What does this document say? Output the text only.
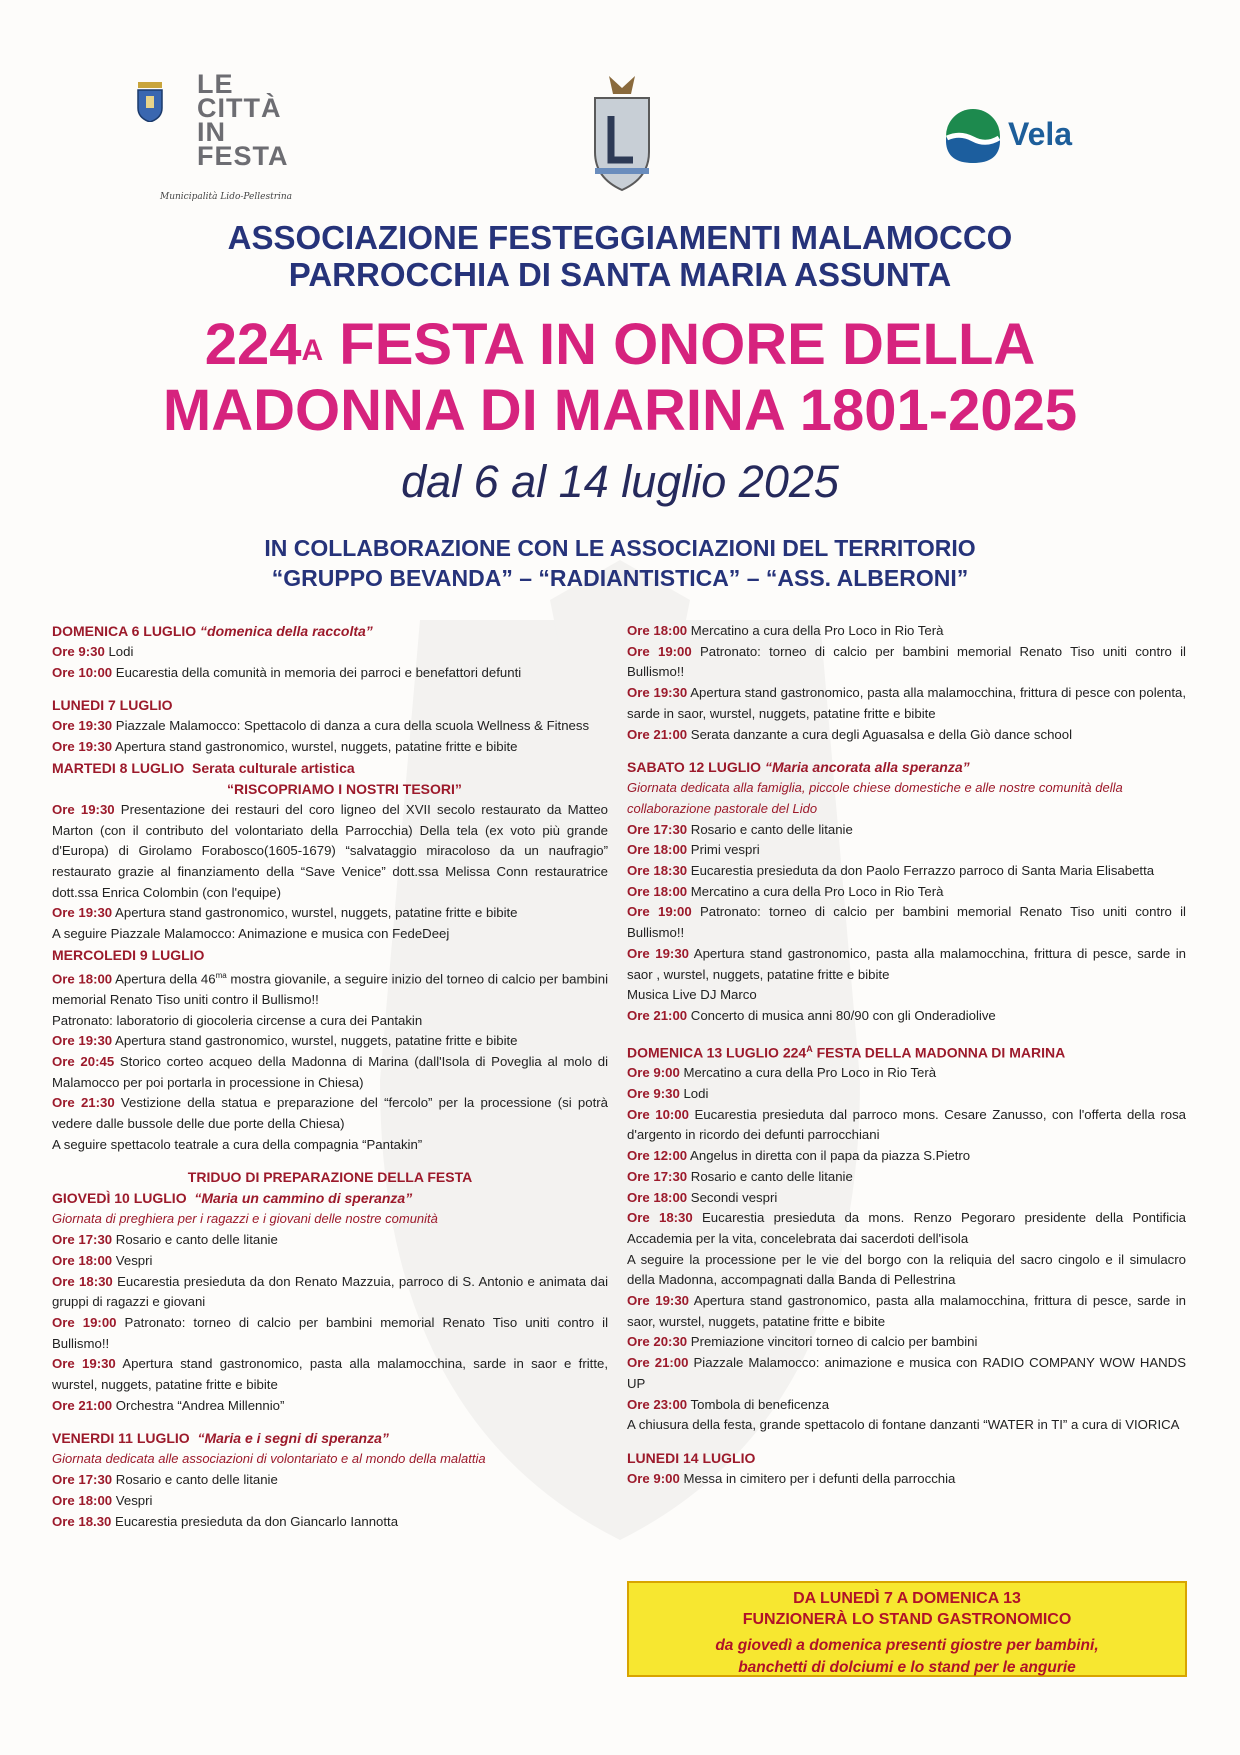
LE
CITTÀ
IN
FESTA
Municipalità Lido-Pellestrina
Vela
ASSOCIAZIONE FESTEGGIAMENTI MALAMOCCO
PARROCCHIA DI SANTA MARIA ASSUNTA
$224^A$ FESTA IN ONORE DELLA
MADONNA DI MARINA 1801-2025
dal 6 al 14 luglio 2025
IN COLLABORAZIONE CON LE ASSOCIAZIONI DEL TERRITORIO
“GRUPPO BEVANDA” – “RADIANTISTICA” – “ASS. ALBERONI”
DOMENICA 6 LUGLIO “domenica della raccolta”
Ore 9:30 Lodi
Ore 10:00 Eucarestia della comunità in memoria dei parroci e benefattori defunti
LUNEDI 7 LUGLIO
Ore 19:30 Piazzale Malamocco: Spettacolo di danza a cura della scuola Wellness & Fitness
Ore 19:30 Apertura stand gastronomico, wurstel, nuggets, patatine fritte e bibite
MARTEDI 8 LUGLIO Serata culturale artistica
“RISCOPRIAMO I NOSTRI TESORI”
Ore 19:30 Presentazione dei restauri del coro ligneo del XVII secolo restaurato da Matteo Marton (con il contributo del volontariato della Parrocchia) Della tela (ex voto più grande d'Europa) di Girolamo Forabosco(1605-1679) “salvataggio miracoloso da un naufragio” restaurato grazie al finanziamento della “Save Venice” dott.ssa Melissa Conn restauratrice dott.ssa Enrica Colombin (con l'equipe)
Ore 19:30 Apertura stand gastronomico, wurstel, nuggets, patatine fritte e bibite
A seguire Piazzale Malamocco: Animazione e musica con FedeDeej
MERCOLEDI 9 LUGLIO
Ore 18:00 Apertura della $46^{ma}$ mostra giovanile, a seguire inizio del torneo di calcio per bambini memorial Renato Tiso uniti contro il Bullismo!!
Patronato: laboratorio di giocoleria circense a cura dei Pantakin
Ore 19:30 Apertura stand gastronomico, wurstel, nuggets, patatine fritte e bibite
Ore 20:45 Storico corteo acqueo della Madonna di Marina (dall'Isola di Poveglia al molo di Malamocco per poi portarla in processione in Chiesa)
Ore 21:30 Vestizione della statua e preparazione del “fercolo” per la processione (si potrà vedere dalle bussole delle due porte della Chiesa)
A seguire spettacolo teatrale a cura della compagnia “Pantakin”
TRIDUO DI PREPARAZIONE DELLA FESTA
GIOVEDÌ 10 LUGLIO “Maria un cammino di speranza”
Giornata di preghiera per i ragazzi e i giovani delle nostre comunità
Ore 17:30 Rosario e canto delle litanie
Ore 18:00 Vespri
Ore 18:30 Eucarestia presieduta da don Renato Mazzuia, parroco di S. Antonio e animata dai gruppi di ragazzi e giovani
Ore 19:00 Patronato: torneo di calcio per bambini memorial Renato Tiso uniti contro il Bullismo!!
Ore 19:30 Apertura stand gastronomico, pasta alla malamocchina, sarde in saor e fritte, wurstel, nuggets, patatine fritte e bibite
Ore 21:00 Orchestra “Andrea Millennio”
VENERDI 11 LUGLIO “Maria e i segni di speranza”
Giornata dedicata alle associazioni di volontariato e al mondo della malattia
Ore 17:30 Rosario e canto delle litanie
Ore 18:00 Vespri
Ore 18.30 Eucarestia presieduta da don Giancarlo Iannotta
Ore 18:00 Mercatino a cura della Pro Loco in Rio Terà
Ore 19:00 Patronato: torneo di calcio per bambini memorial Renato Tiso uniti contro il Bullismo!!
Ore 19:30 Apertura stand gastronomico, pasta alla malamocchina, frittura di pesce con polenta, sarde in saor, wurstel, nuggets, patatine fritte e bibite
Ore 21:00 Serata danzante a cura degli Aguasalsa e della Giò dance school
SABATO 12 LUGLIO “Maria ancorata alla speranza”
Giornata dedicata alla famiglia, piccole chiese domestiche e alle nostre comunità della collaborazione pastorale del Lido
Ore 17:30 Rosario e canto delle litanie
Ore 18:00 Primi vespri
Ore 18:30 Eucarestia presieduta da don Paolo Ferrazzo parroco di Santa Maria Elisabetta
Ore 18:00 Mercatino a cura della Pro Loco in Rio Terà
Ore 19:00 Patronato: torneo di calcio per bambini memorial Renato Tiso uniti contro il Bullismo!!
Ore 19:30 Apertura stand gastronomico, pasta alla malamocchina, frittura di pesce, sarde in saor , wurstel, nuggets, patatine fritte e bibite
Musica Live DJ Marco
Ore 21:00 Concerto di musica anni 80/90 con gli Onderadiolive
DOMENICA 13 LUGLIO $224^A$ FESTA DELLA MADONNA DI MARINA
Ore 9:00 Mercatino a cura della Pro Loco in Rio Terà
Ore 9:30 Lodi
Ore 10:00 Eucarestia presieduta dal parroco mons. Cesare Zanusso, con l'offerta della rosa d'argento in ricordo dei defunti parrocchiani
Ore 12:00 Angelus in diretta con il papa da piazza S.Pietro
Ore 17:30 Rosario e canto delle litanie
Ore 18:00 Secondi vespri
Ore 18:30 Eucarestia presieduta da mons. Renzo Pegoraro presidente della Pontificia Accademia per la vita, concelebrata dai sacerdoti dell'isola
A seguire la processione per le vie del borgo con la reliquia del sacro cingolo e il simulacro della Madonna, accompagnati dalla Banda di Pellestrina
Ore 19:30 Apertura stand gastronomico, pasta alla malamocchina, frittura di pesce, sarde in saor, wurstel, nuggets, patatine fritte e bibite
Ore 20:30 Premiazione vincitori torneo di calcio per bambini
Ore 21:00 Piazzale Malamocco: animazione e musica con RADIO COMPANY WOW HANDS UP
Ore 23:00 Tombola di beneficenza
A chiusura della festa, grande spettacolo di fontane danzanti “WATER in TI” a cura di VIORICA
LUNEDI 14 LUGLIO
Ore 9:00 Messa in cimitero per i defunti della parrocchia
DA LUNEDÌ 7 A DOMENICA 13
FUNZIONERÀ LO STAND GASTRONOMICO
da giovedì a domenica presenti giostre per bambini,
banchetti di dolciumi e lo stand per le angurie
